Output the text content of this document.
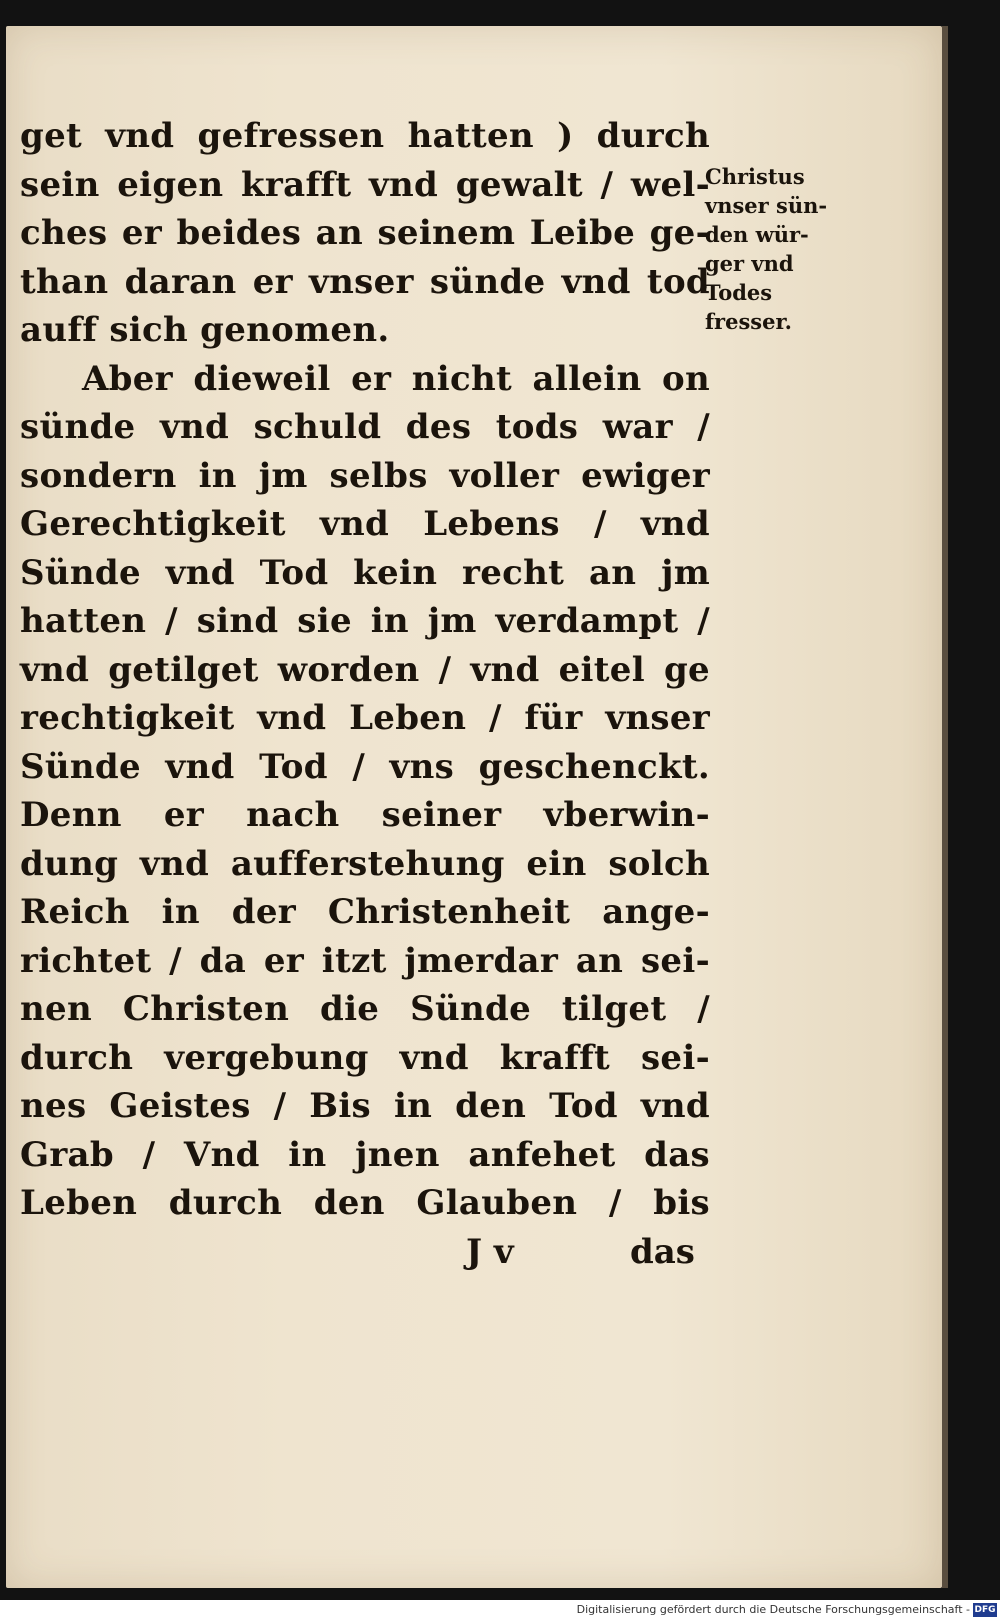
get vnd gefressen hatten ) durch
sein eigen krafft vnd gewalt / wel-
ches er beides an seinem Leibe ge-
than daran er vnser sünde vnd tod
auff sich genomen.
Aber dieweil er nicht allein on
sünde vnd schuld des tods war /
sondern in jm selbs voller ewiger
Gerechtigkeit vnd Lebens / vnd
Sünde vnd Tod kein recht an jm
hatten / sind sie in jm verdampt /
vnd getilget worden / vnd eitel ge
rechtigkeit vnd Leben / für vnser
Sünde vnd Tod / vns geschenckt.
Denn er nach seiner vberwin-
dung vnd aufferstehung ein solch
Reich in der Christenheit ange-
richtet / da er itzt jmerdar an sei-
nen Christen die Sünde tilget /
durch vergebung vnd krafft sei-
nes Geistes / Bis in den Tod vnd
Grab / Vnd in jnen anfehet das
Leben durch den Glauben / bis
J v	das
Christus
vnser sün-
den wür-
ger vnd
Todes
fresser.
Digitalisierung gefördert durch die Deutsche Forschungsgemeinschaft - DFG
